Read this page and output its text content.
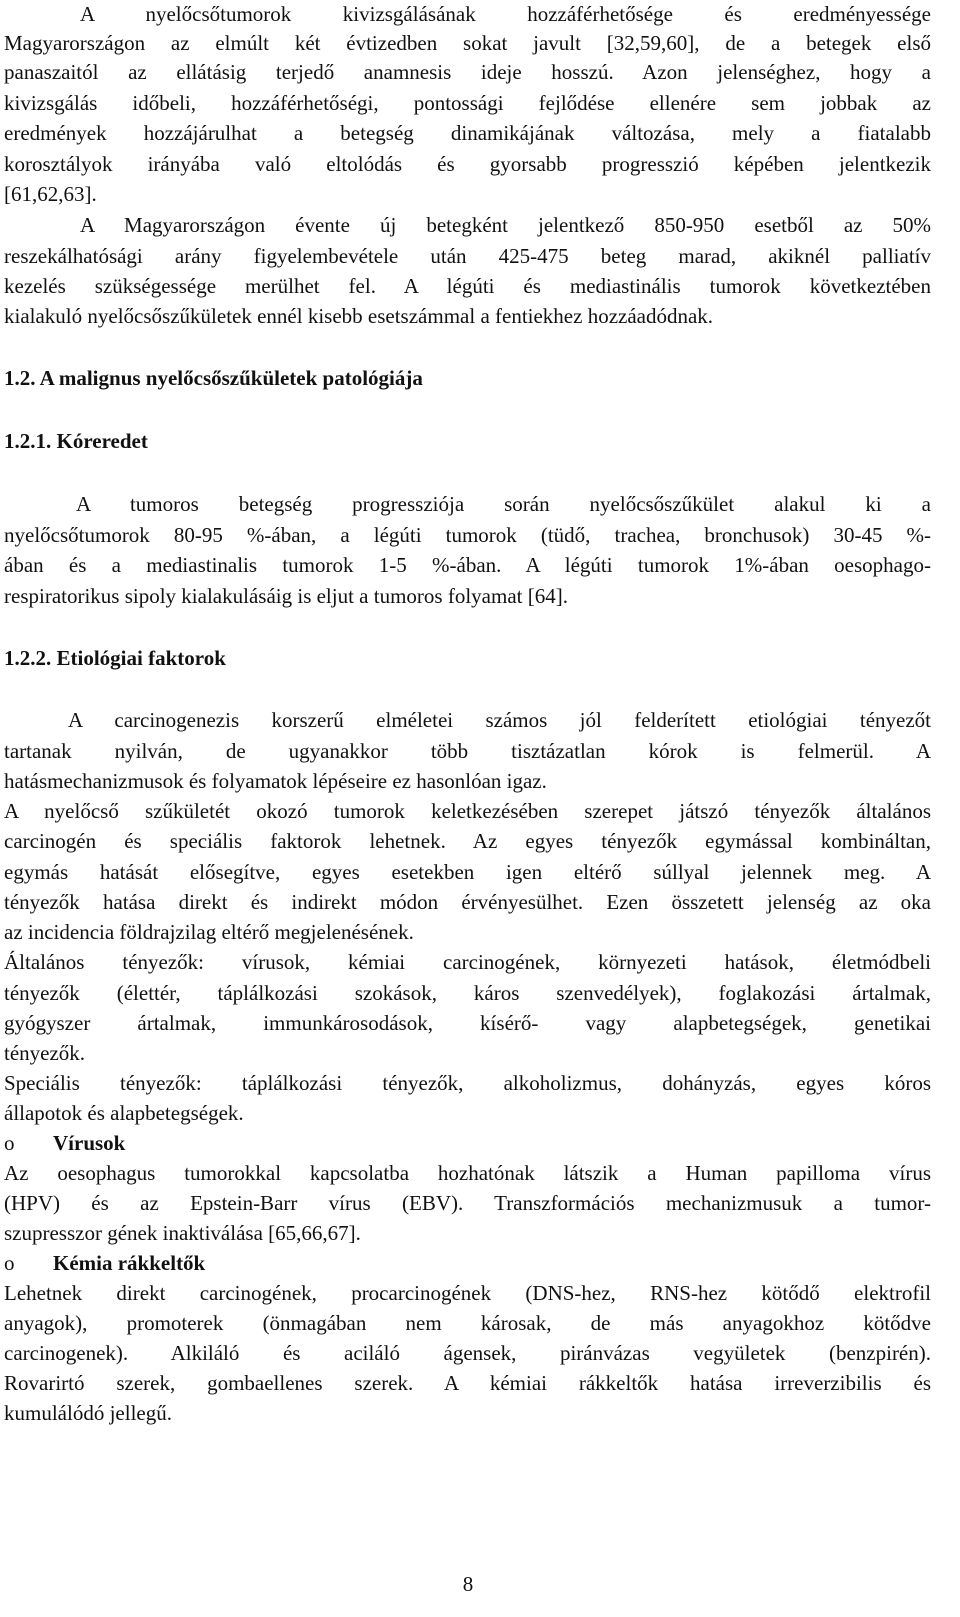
A nyelőcsőtumorok kivizsgálásának hozzáférhetősége és eredményessége
Magyarországon az elmúlt két évtizedben sokat javult [32,59,60], de a betegek első
panaszaitól az ellátásig terjedő anamnesis ideje hosszú. Azon jelenséghez, hogy a
kivizsgálás időbeli, hozzáférhetőségi, pontossági fejlődése ellenére sem jobbak az
eredmények hozzájárulhat a betegség dinamikájának változása, mely a fiatalabb
korosztályok irányába való eltolódás és gyorsabb progresszió képében jelentkezik
[61,62,63].
A Magyarországon évente új betegként jelentkező 850-950 esetből az 50%
reszekálhatósági arány figyelembevétele után 425-475 beteg marad, akiknél palliatív
kezelés szükségessége merülhet fel. A légúti és mediastinális tumorok következtében
kialakuló nyelőcsőszűkületek ennél kisebb esetszámmal a fentiekhez hozzáadódnak.
1.2. A malignus nyelőcsőszűkületek patológiája
1.2.1. Kóreredet
A tumoros betegség progressziója során nyelőcsőszűkület alakul ki a
nyelőcsőtumorok 80-95 %-ában, a légúti tumorok (tüdő, trachea, bronchusok) 30-45 %-
ában és a mediastinalis tumorok 1-5 %-ában. A légúti tumorok 1%-ában oesophago-
respiratorikus sipoly kialakulásáig is eljut a tumoros folyamat [64].
1.2.2. Etiológiai faktorok
A carcinogenezis korszerű elméletei számos jól felderített etiológiai tényezőt
tartanak nyilván, de ugyanakkor több tisztázatlan kórok is felmerül. A
hatásmechanizmusok és folyamatok lépéseire ez hasonlóan igaz.
A nyelőcső szűkületét okozó tumorok keletkezésében szerepet játszó tényezők általános
carcinogén és speciális faktorok lehetnek. Az egyes tényezők egymással kombináltan,
egymás hatását elősegítve, egyes esetekben igen eltérő súllyal jelennek meg. A
tényezők hatása direkt és indirekt módon érvényesülhet. Ezen összetett jelenség az oka
az incidencia földrajzilag eltérő megjelenésének.
Általános tényezők: vírusok, kémiai carcinogének, környezeti hatások, életmódbeli
tényezők (élettér, táplálkozási szokások, káros szenvedélyek), foglakozási ártalmak,
gyógyszer ártalmak, immunkárosodások, kísérő- vagy alapbetegségek, genetikai
tényezők.
Speciális tényezők: táplálkozási tényezők, alkoholizmus, dohányzás, egyes kóros
állapotok és alapbetegségek.
o Vírusok
Az oesophagus tumorokkal kapcsolatba hozhatónak látszik a Human papilloma vírus
(HPV) és az Epstein-Barr vírus (EBV). Transzformációs mechanizmusuk a tumor-
szupresszor gének inaktiválása [65,66,67].
o Kémia rákkeltők
Lehetnek direkt carcinogének, procarcinogének (DNS-hez, RNS-hez kötődő elektrofil
anyagok), promoterek (önmagában nem károsak, de más anyagokhoz kötődve
carcinogenek). Alkiláló és aciláló ágensek, piránvázas vegyületek (benzpirén).
Rovarirtó szerek, gombaellenes szerek. A kémiai rákkeltők hatása irreverzibilis és
kumulálódó jellegű.
8
